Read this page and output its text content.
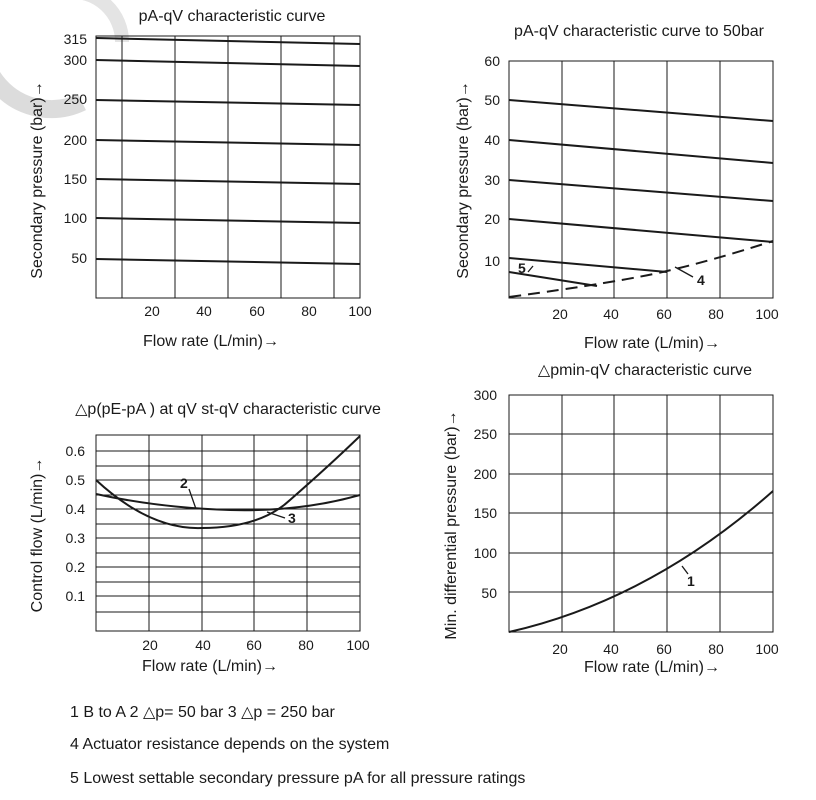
pA-qV characteristic curve
315
300
250
200
150
100
50
20	40	60	80 100
Flow rate (L/min)→
Secondary pressure (bar)→
pA-qV characteristic curve to 50bar
5
4
60
50
40
30
20
10
20	40	60	80 100
Flow rate (L/min)→
Secondary pressure (bar)→
△p(pE-pA ) at qV st-qV characteristic curve
2
3
0.6
0.5
0.4
0.3
0.2
0.1
20	40	60	80 100
Flow rate (L/min)→
Control flow (L/min)→
△pmin-qV characteristic curve
1
300
250
200
150
100
50
20	40	60	80 100
Flow rate (L/min)→
Min. differential pressure (bar)→
1 B to A 2 △p= 50 bar 3 △p = 250 bar
4 Actuator resistance depends on the system
5 Lowest settable secondary pressure pA for all pressure ratings
